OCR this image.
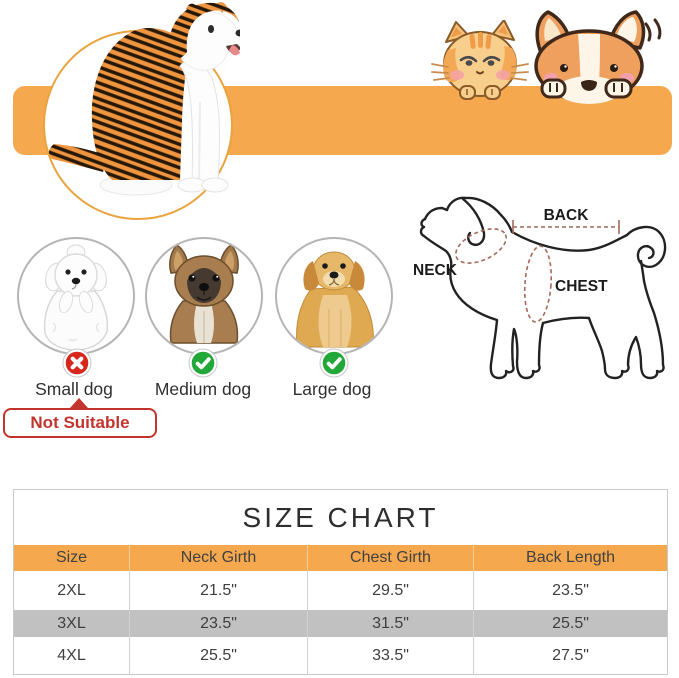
Small dog	Medium dog	Large dog
Not Suitable
BACK
NECK
CHEST
SIZE CHART
Size	Neck Girth	Chest Girth	Back Length
2XL	21.5"	29.5"	23.5"
3XL	23.5"	31.5"	25.5"
4XL	25.5"	33.5"	27.5"
